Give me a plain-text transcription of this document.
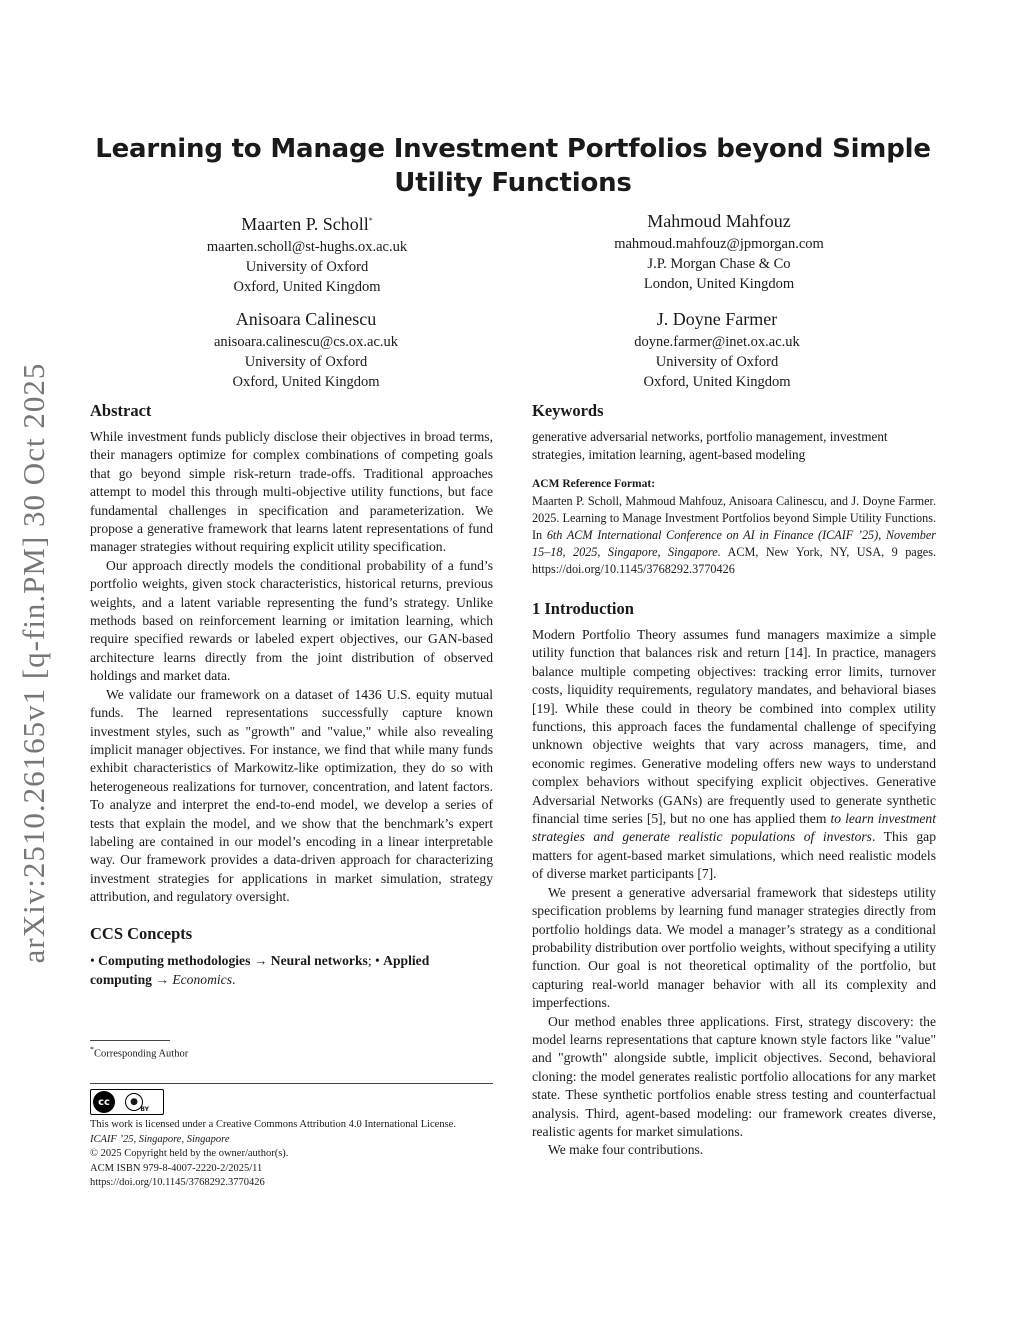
arXiv:2510.26165v1 [q-fin.PM] 30 Oct 2025
Learning to Manage Investment Portfolios beyond Simple Utility Functions
Maarten P. Scholl*
maarten.scholl@st-hughs.ox.ac.uk
University of Oxford
Oxford, United Kingdom
Mahmoud Mahfouz
mahmoud.mahfouz@jpmorgan.com
J.P. Morgan Chase & Co
London, United Kingdom
Anisoara Calinescu
anisoara.calinescu@cs.ox.ac.uk
University of Oxford
Oxford, United Kingdom
J. Doyne Farmer
doyne.farmer@inet.ox.ac.uk
University of Oxford
Oxford, United Kingdom
Abstract

While investment funds publicly disclose their objectives in broad terms, their managers optimize for complex combinations of competing goals that go beyond simple risk-return trade-offs. Traditional approaches attempt to model this through multi-objective utility functions, but face fundamental challenges in specification and parameterization. We propose a generative framework that learns latent representations of fund manager strategies without requiring explicit utility specification.

Our approach directly models the conditional probability of a fund’s portfolio weights, given stock characteristics, historical returns, previous weights, and a latent variable representing the fund’s strategy. Unlike methods based on reinforcement learning or imitation learning, which require specified rewards or labeled expert objectives, our GAN-based architecture learns directly from the joint distribution of observed holdings and market data.

We validate our framework on a dataset of 1436 U.S. equity mutual funds. The learned representations successfully capture known investment styles, such as "growth" and "value," while also revealing implicit manager objectives. For instance, we find that while many funds exhibit characteristics of Markowitz-like optimization, they do so with heterogeneous realizations for turnover, concentration, and latent factors. To analyze and interpret the end-to-end model, we develop a series of tests that explain the model, and we show that the benchmark’s expert labeling are contained in our model’s encoding in a linear interpretable way. Our framework provides a data-driven approach for characterizing investment strategies for applications in market simulation, strategy attribution, and regulatory oversight.

CCS Concepts

• Computing methodologies → Neural networks; • Applied computing → Economics.

*Corresponding Author
cc	●
BY
This work is licensed under a Creative Commons Attribution 4.0 International License.
ICAIF ’25, Singapore, Singapore
© 2025 Copyright held by the owner/author(s).
ACM ISBN 979-8-4007-2220-2/2025/11
https://doi.org/10.1145/3768292.3770426
Keywords

generative adversarial networks, portfolio management, investment strategies, imitation learning, agent-based modeling

ACM Reference Format:
Maarten P. Scholl, Mahmoud Mahfouz, Anisoara Calinescu, and J. Doyne Farmer. 2025. Learning to Manage Investment Portfolios beyond Simple Utility Functions. In 6th ACM International Conference on AI in Finance (ICAIF ’25), November 15–18, 2025, Singapore, Singapore. ACM, New York, NY, USA, 9 pages. https://doi.org/10.1145/3768292.3770426
1 Introduction

Modern Portfolio Theory assumes fund managers maximize a simple utility function that balances risk and return [14]. In practice, managers balance multiple competing objectives: tracking error limits, turnover costs, liquidity requirements, regulatory mandates, and behavioral biases [19]. While these could in theory be combined into complex utility functions, this approach faces the fundamental challenge of specifying unknown objective weights that vary across managers, time, and economic regimes. Generative modeling offers new ways to understand complex behaviors without specifying explicit objectives. Generative Adversarial Networks (GANs) are frequently used to generate synthetic financial time series [5], but no one has applied them to learn investment strategies and generate realistic populations of investors. This gap matters for agent-based market simulations, which need realistic models of diverse market participants [7].

We present a generative adversarial framework that sidesteps utility specification problems by learning fund manager strategies directly from portfolio holdings data. We model a manager’s strategy as a conditional probability distribution over portfolio weights, without specifying a utility function. Our goal is not theoretical optimality of the portfolio, but capturing real-world manager behavior with all its complexity and imperfections.

Our method enables three applications. First, strategy discovery: the model learns representations that capture known style factors like "value" and "growth" alongside subtle, implicit objectives. Second, behavioral cloning: the model generates realistic portfolio allocations for any market state. These synthetic portfolios enable stress testing and counterfactual analysis. Third, agent-based modeling: our framework creates diverse, realistic agents for market simulations.

We make four contributions.
